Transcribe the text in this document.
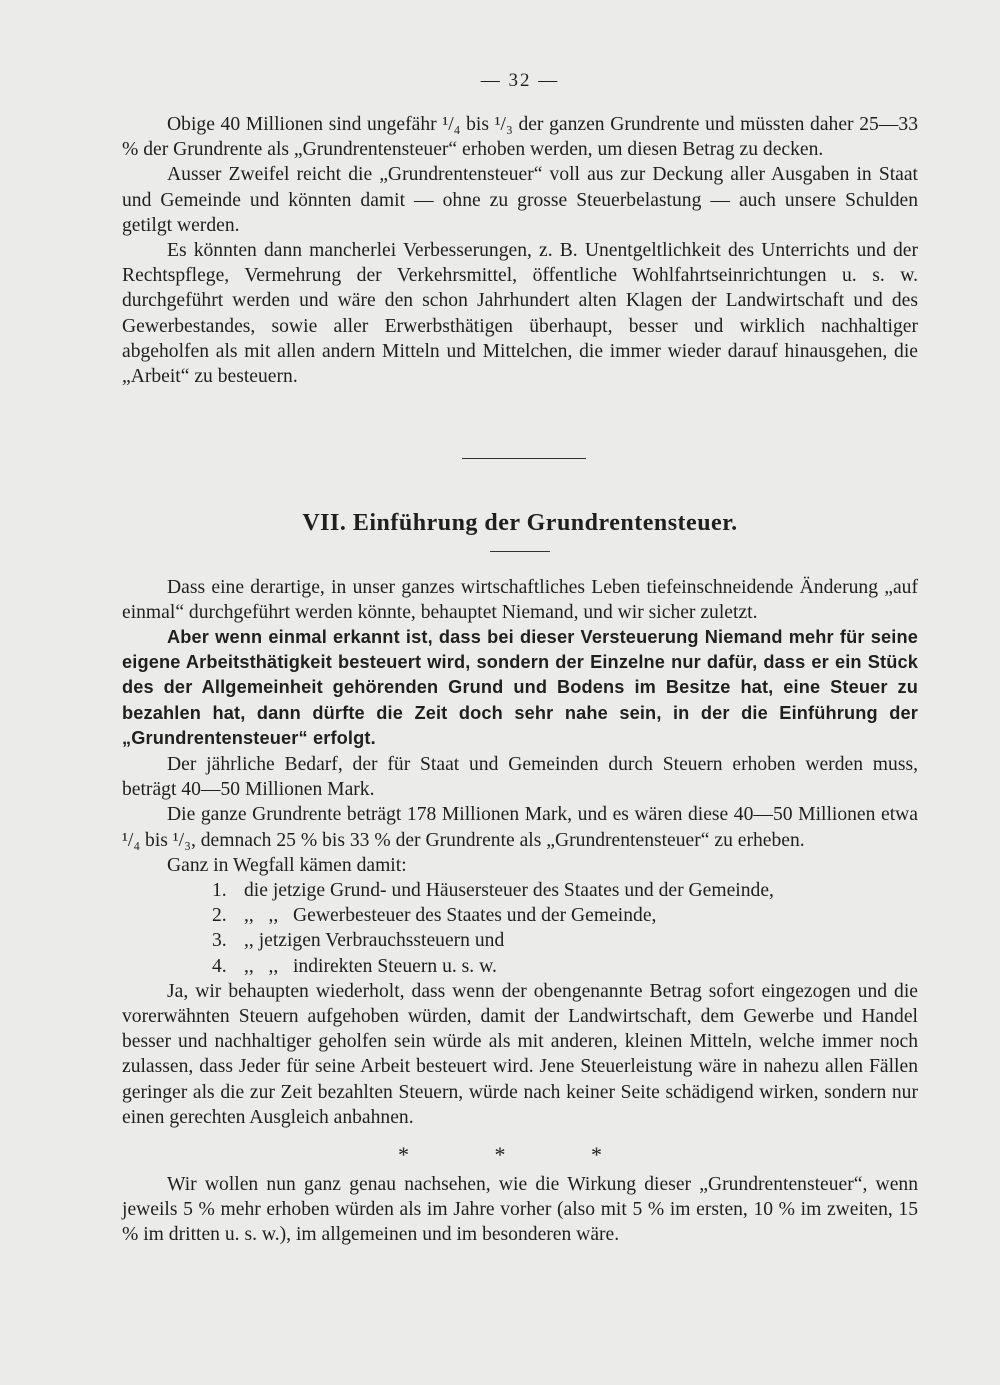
— 32 —

Obige 40 Millionen sind ungefähr ¹/₄ bis ¹/₃ der ganzen Grundrente und müssten daher 25—33 % der Grundrente als „Grundrentensteuer“ erhoben werden, um diesen Betrag zu decken.

Ausser Zweifel reicht die „Grundrentensteuer“ voll aus zur Deckung aller Ausgaben in Staat und Gemeinde und könnten damit — ohne zu grosse Steuerbelastung — auch unsere Schulden getilgt werden.

Es könnten dann mancherlei Verbesserungen, z. B. Unentgeltlichkeit des Unterrichts und der Rechtspflege, Vermehrung der Verkehrsmittel, öffentliche Wohlfahrtseinrichtungen u. s. w. durchgeführt werden und wäre den schon Jahrhundert alten Klagen der Landwirtschaft und des Gewerbestandes, sowie aller Erwerbsthätigen überhaupt, besser und wirklich nachhaltiger abgeholfen als mit allen andern Mitteln und Mittelchen, die immer wieder darauf hinausgehen, die „Arbeit“ zu besteuern.

VII. Einführung der Grundrentensteuer.

Dass eine derartige, in unser ganzes wirtschaftliches Leben tiefeinschneidende Änderung „auf einmal“ durchgeführt werden könnte, behauptet Niemand, und wir sicher zuletzt.

Aber wenn einmal erkannt ist, dass bei dieser Versteuerung Niemand mehr für seine eigene Arbeitsthätigkeit besteuert wird, sondern der Einzelne nur dafür, dass er ein Stück des der Allgemeinheit gehörenden Grund und Bodens im Besitze hat, eine Steuer zu bezahlen hat, dann dürfte die Zeit doch sehr nahe sein, in der die Einführung der „Grundrentensteuer“ erfolgt.

Der jährliche Bedarf, der für Staat und Gemeinden durch Steuern erhoben werden muss, beträgt 40—50 Millionen Mark.

Die ganze Grundrente beträgt 178 Millionen Mark, und es wären diese 40—50 Millionen etwa ¹/₄ bis ¹/₃, demnach 25 % bis 33 % der Grundrente als „Grundrentensteuer“ zu erheben.

Ganz in Wegfall kämen damit:

1. die jetzige Grund- und Häusersteuer des Staates und der Gemeinde,
2. ,,   ,,   Gewerbesteuer des Staates und der Gemeinde,
3. ,, jetzigen Verbrauchssteuern und
4. ,,   ,,   indirekten Steuern u. s. w.

Ja, wir behaupten wiederholt, dass wenn der obengenannte Betrag sofort eingezogen und die vorerwähnten Steuern aufgehoben würden, damit der Landwirtschaft, dem Gewerbe und Handel besser und nachhaltiger geholfen sein würde als mit anderen, kleinen Mitteln, welche immer noch zulassen, dass Jeder für seine Arbeit besteuert wird. Jene Steuerleistung wäre in nahezu allen Fällen geringer als die zur Zeit bezahlten Steuern, würde nach keiner Seite schädigend wirken, sondern nur einen gerechten Ausgleich anbahnen.

* * *

Wir wollen nun ganz genau nachsehen, wie die Wirkung dieser „Grundrentensteuer“, wenn jeweils 5 % mehr erhoben würden als im Jahre vorher (also mit 5 % im ersten, 10 % im zweiten, 15 % im dritten u. s. w.), im allgemeinen und im besonderen wäre.
